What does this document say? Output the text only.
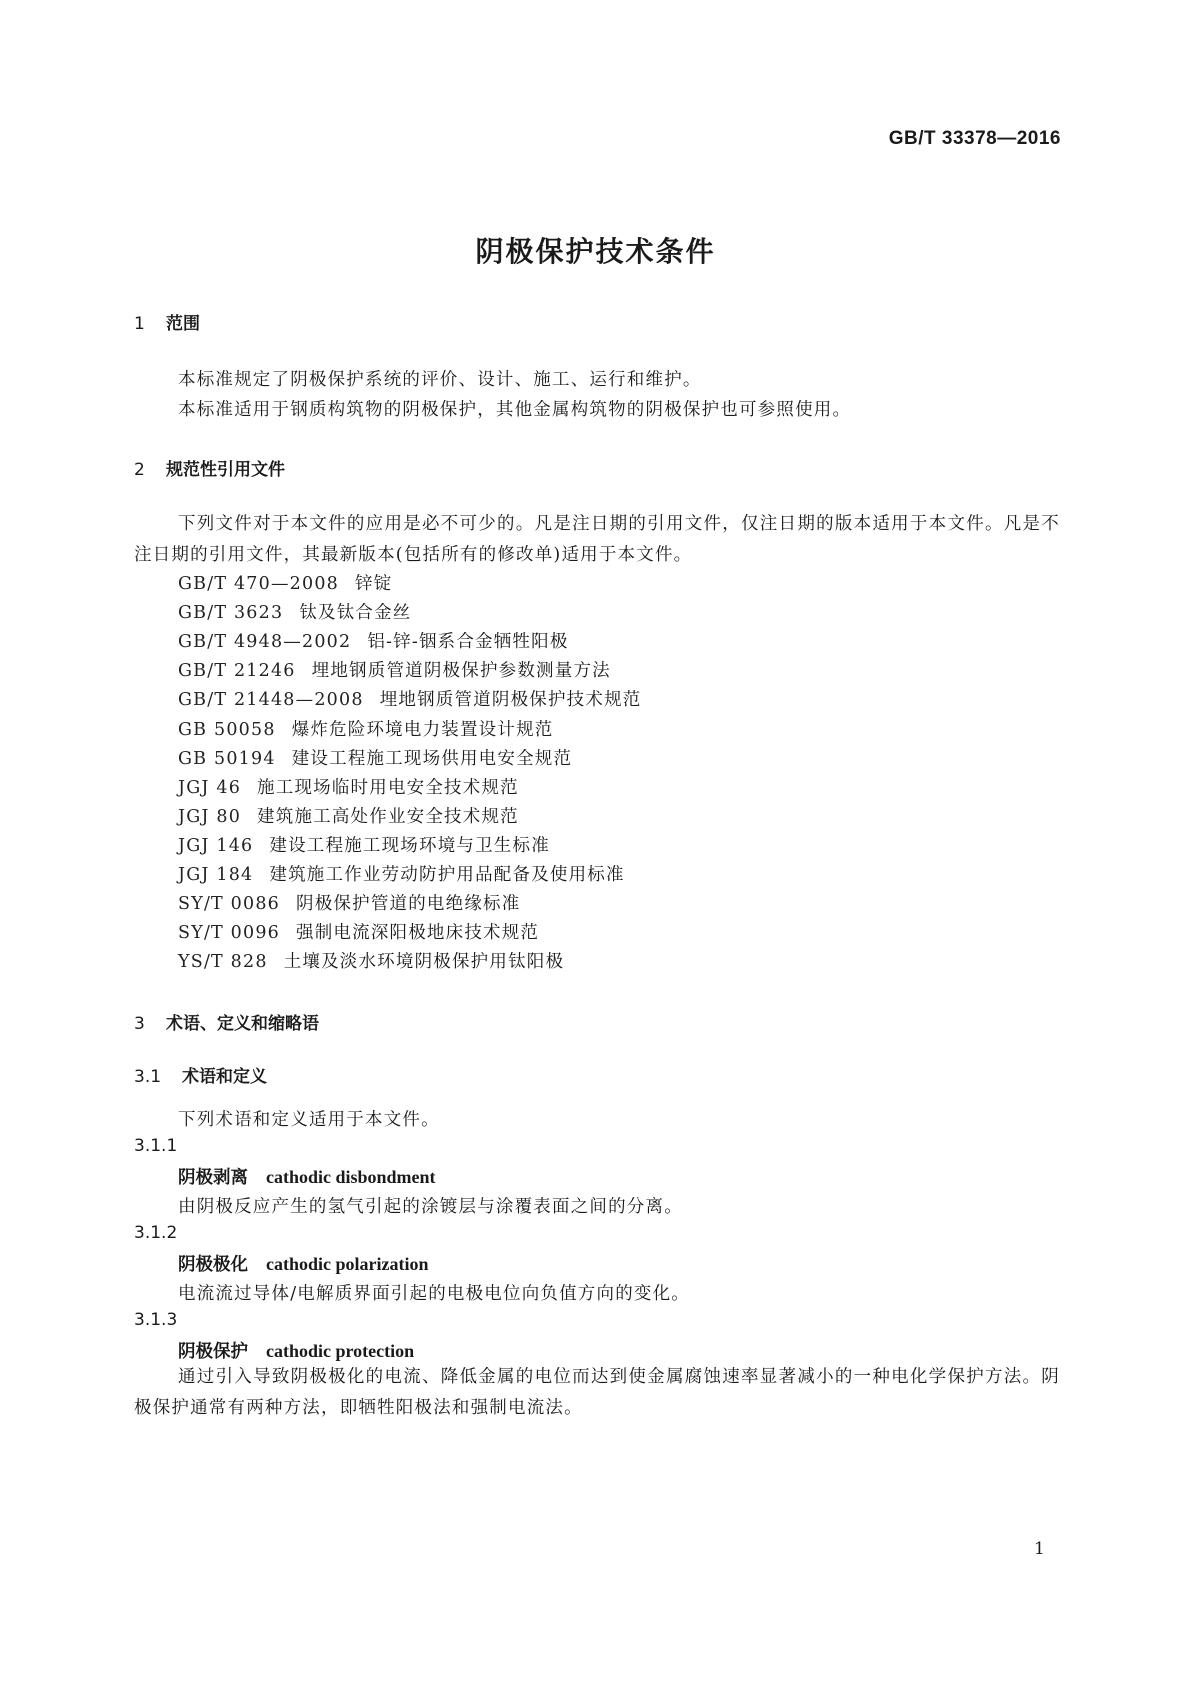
GB/T 33378—2016
阴极保护技术条件
1 范围
本标准规定了阴极保护系统的评价、设计、施工、运行和维护。
本标准适用于钢质构筑物的阴极保护，其他金属构筑物的阴极保护也可参照使用。
2 规范性引用文件
下列文件对于本文件的应用是必不可少的。凡是注日期的引用文件，仅注日期的版本适用于本文件。凡是不注日期的引用文件，其最新版本(包括所有的修改单)适用于本文件。
GB/T 470—2008 锌锭
GB/T 3623 钛及钛合金丝
GB/T 4948—2002 铝-锌-铟系合金牺牲阳极
GB/T 21246 埋地钢质管道阴极保护参数测量方法
GB/T 21448—2008 埋地钢质管道阴极保护技术规范
GB 50058 爆炸危险环境电力装置设计规范
GB 50194 建设工程施工现场供用电安全规范
JGJ 46 施工现场临时用电安全技术规范
JGJ 80 建筑施工高处作业安全技术规范
JGJ 146 建设工程施工现场环境与卫生标准
JGJ 184 建筑施工作业劳动防护用品配备及使用标准
SY/T 0086 阴极保护管道的电绝缘标准
SY/T 0096 强制电流深阳极地床技术规范
YS/T 828 土壤及淡水环境阴极保护用钛阳极
3 术语、定义和缩略语
3.1 术语和定义
下列术语和定义适用于本文件。
3.1.1
阴极剥离 cathodic disbondment
由阴极反应产生的氢气引起的涂镀层与涂覆表面之间的分离。
3.1.2
阴极极化 cathodic polarization
电流流过导体/电解质界面引起的电极电位向负值方向的变化。
3.1.3
阴极保护 cathodic protection
通过引入导致阴极极化的电流、降低金属的电位而达到使金属腐蚀速率显著减小的一种电化学保护方法。阴极保护通常有两种方法，即牺牲阳极法和强制电流法。
1
